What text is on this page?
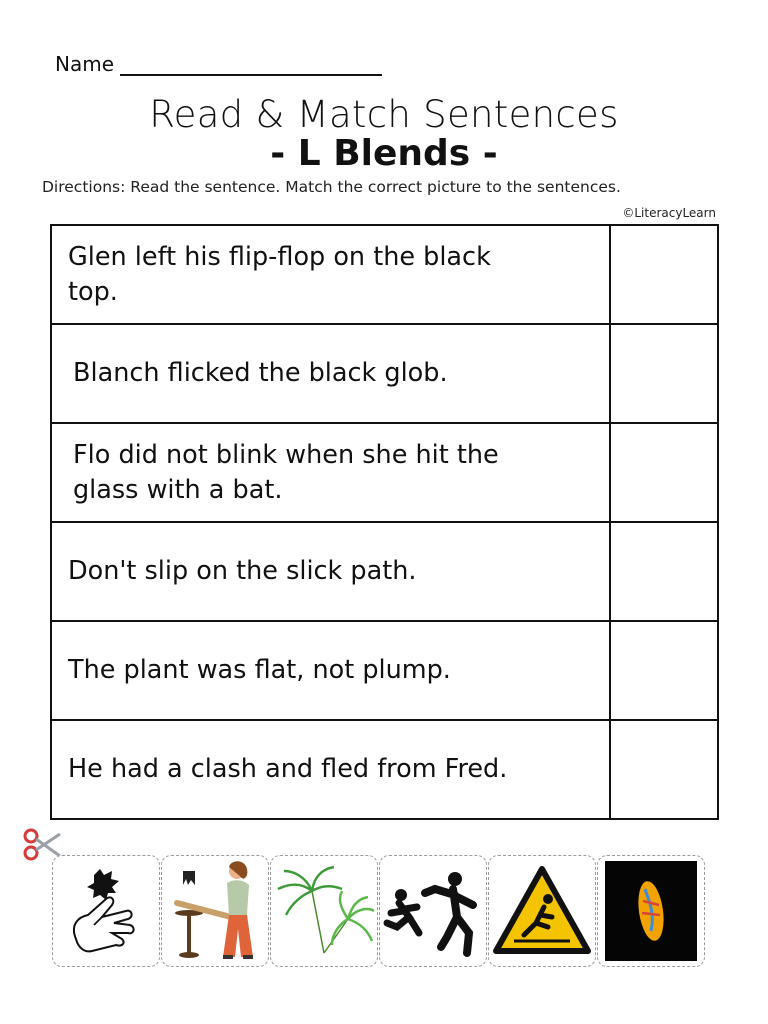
Name
Read & Match Sentences
- L Blends -
Directions: Read the sentence. Match the correct picture to the sentences.
©LiteracyLearn
Glen left his flip-flop on the black
top.	

Blanch flicked the black glob.	

Flo did not blink when she hit the
glass with a bat.	

Don't slip on the slick path.	

The plant was flat, not plump.	

He had a clash and fled from Fred.	
